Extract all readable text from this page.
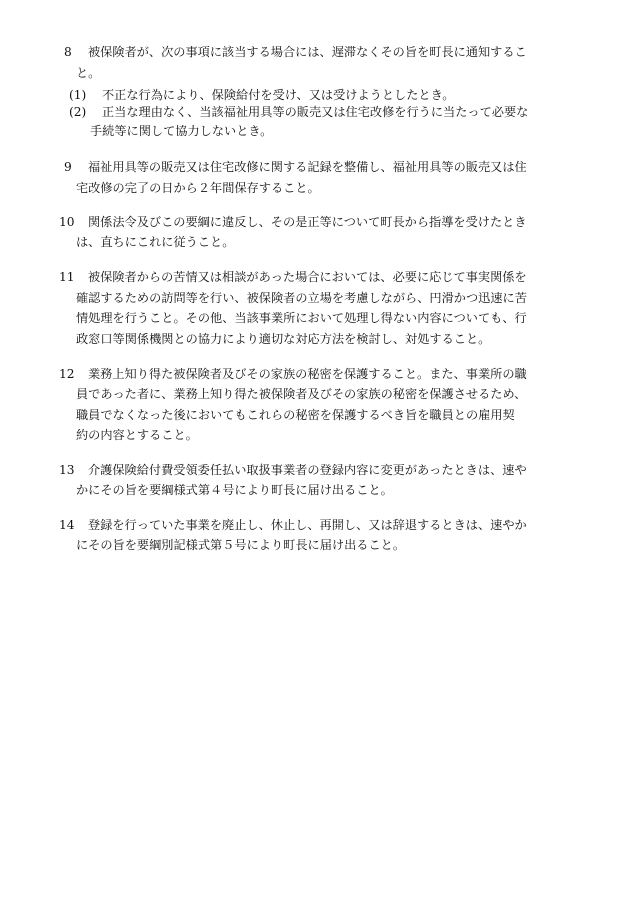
8 被保険者が、次の事項に該当する場合には、遅滞なくその旨を町長に通知するこ
と。
(1) 不正な行為により、保険給付を受け、又は受けようとしたとき。
(2) 正当な理由なく、当該福祉用具等の販売又は住宅改修を行うに当たって必要な
手続等に関して協力しないとき。
9 福祉用具等の販売又は住宅改修に関する記録を整備し、福祉用具等の販売又は住
宅改修の完了の日から２年間保存すること。
10 関係法令及びこの要綱に違反し、その是正等について町長から指導を受けたとき
は、直ちにこれに従うこと。
11 被保険者からの苦情又は相談があった場合においては、必要に応じて事実関係を
確認するための訪問等を行い、被保険者の立場を考慮しながら、円滑かつ迅速に苦
情処理を行うこと。その他、当該事業所において処理し得ない内容についても、行
政窓口等関係機関との協力により適切な対応方法を検討し、対処すること。
12 業務上知り得た被保険者及びその家族の秘密を保護すること。また、事業所の職
員であった者に、業務上知り得た被保険者及びその家族の秘密を保護させるため、
職員でなくなった後においてもこれらの秘密を保護するべき旨を職員との雇用契
約の内容とすること。
13 介護保険給付費受領委任払い取扱事業者の登録内容に変更があったときは、速や
かにその旨を要綱様式第４号により町長に届け出ること。
14 登録を行っていた事業を廃止し、休止し、再開し、又は辞退するときは、速やか
にその旨を要綱別記様式第５号により町長に届け出ること。
